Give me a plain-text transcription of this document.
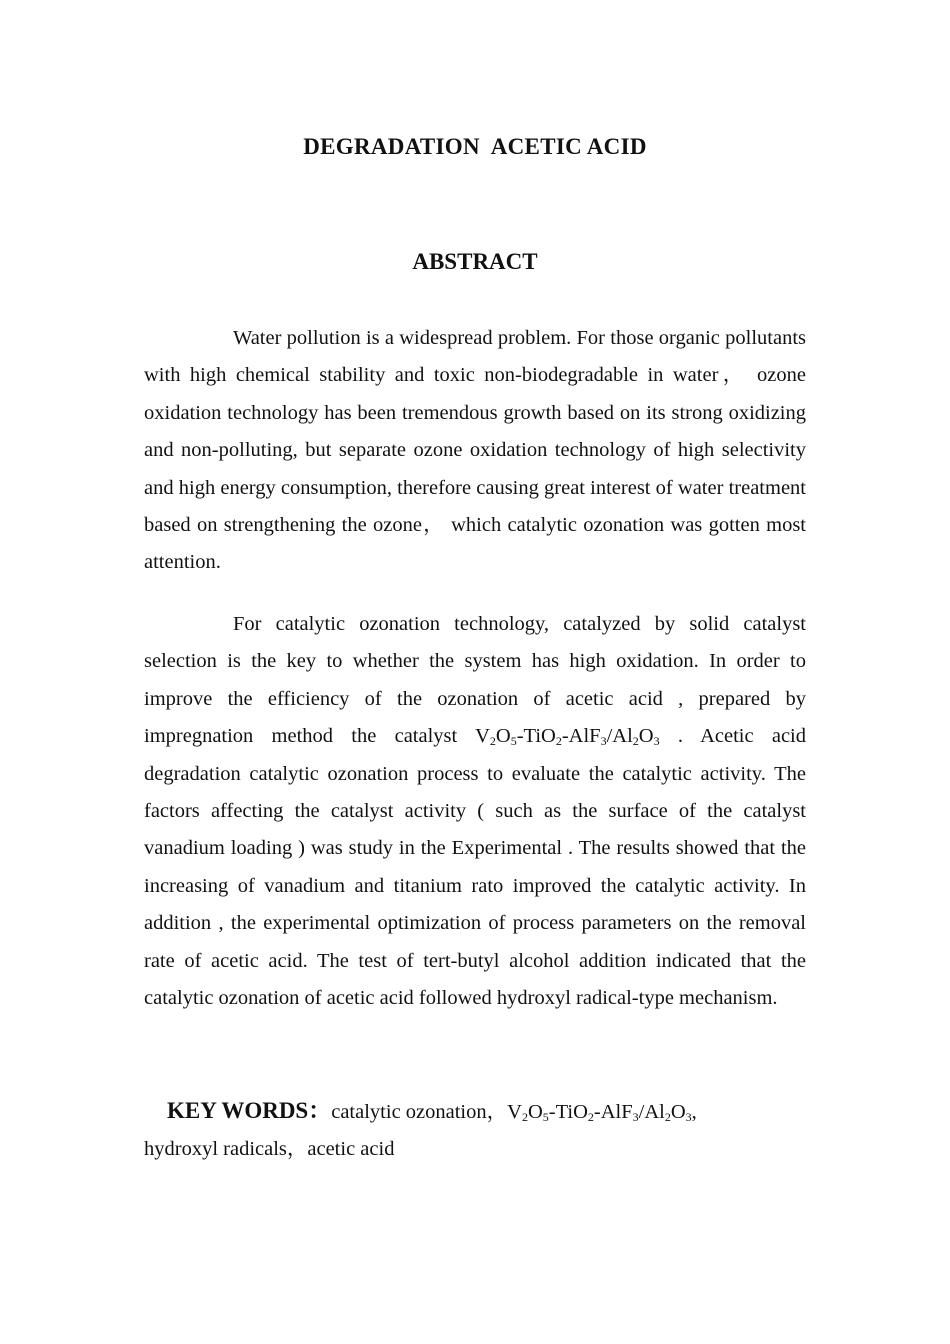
DEGRADATION  ACETIC ACID
ABSTRACT

Water pollution is a widespread problem. For those organic pollutants with high chemical stability and toxic non-biodegradable in water， ozone oxidation technology has been tremendous growth based on its strong oxidizing and non-polluting, but separate ozone oxidation technology of high selectivity and high energy consumption, therefore causing great interest of water treatment based on strengthening the ozone， which catalytic ozonation was gotten most attention.

For catalytic ozonation technology, catalyzed by solid catalyst selection is the key to whether the system has high oxidation. In order to improve the efficiency of the ozonation of acetic acid , prepared by impregnation method the catalyst $V_2O_5-TiO_2-AlF_3/Al_2O_3$ . Acetic acid degradation catalytic ozonation process to evaluate the catalytic activity. The factors affecting the catalyst activity ( such as the surface of the catalyst vanadium loading ) was study in the Experimental . The results showed that the increasing of vanadium and titanium rato improved the catalytic activity. In addition , the experimental optimization of process parameters on the removal rate of acetic acid. The test of tert-butyl alcohol addition indicated that the catalytic ozonation of acetic acid followed hydroxyl radical-type mechanism.

KEY WORDS：catalytic ozonation，$V_2O_5-TiO_2-AlF_3/Al_2O_3$,
hydroxyl radicals，acetic acid
